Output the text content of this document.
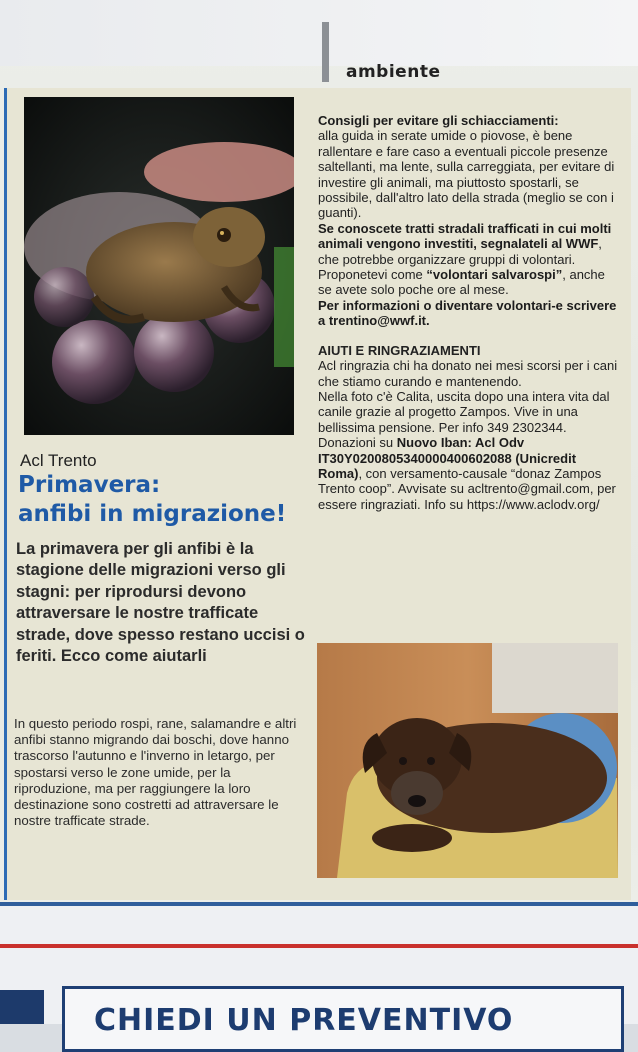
ambiente

Consigli per evitare gli schiacciamenti:
alla guida in serate umide o piovose, è bene rallentare e fare caso a eventuali piccole presenze saltellanti, ma lente, sulla carreggiata, per evitare di investire gli animali, ma piuttosto spostarli, se possibile, dall'altro lato della strada (meglio se con i guanti).

Se conoscete tratti stradali trafficati in cui molti animali vengono investiti, segnalateli al WWF, che potrebbe organizzare gruppi di volontari. Proponetevi come “volontari salvarospi”, anche se avete solo poche ore al mese.

Per informazioni o diventare volontari-e scrivere a trentino@wwf.it.

AIUTI E RINGRAZIAMENTI

Acl ringrazia chi ha donato nei mesi scorsi per i cani che stiamo curando e mantenendo.

Nella foto c'è Calita, uscita dopo una intera vita dal canile grazie al progetto Zampos. Vive in una bellissima pensione. Per info 349 2302344. Donazioni su Nuovo Iban: Acl Odv IT30Y0200805340000400602088 (Unicredit Roma), con versamento-causale “donaz Zampos Trento coop”. Avvisate su acltrento@gmail.com, per essere ringraziati. Info su https://www.aclodv.org/

Acl Trento
Primavera:
anfibi in migrazione!
La primavera per gli anfibi è la stagione delle migrazioni verso gli stagni: per riprodursi devono attraversare le nostre trafficate strade, dove spesso restano uccisi o feriti. Ecco come aiutarli
In questo periodo rospi, rane, salamandre e altri anfibi stanno migrando dai boschi, dove hanno trascorso l'autunno e l'inverno in letargo, per spostarsi verso le zone umide, per la riproduzione, ma per raggiungere la loro destinazione sono costretti ad attraversare le nostre trafficate strade.
CHIEDI UN PREVENTIVO
